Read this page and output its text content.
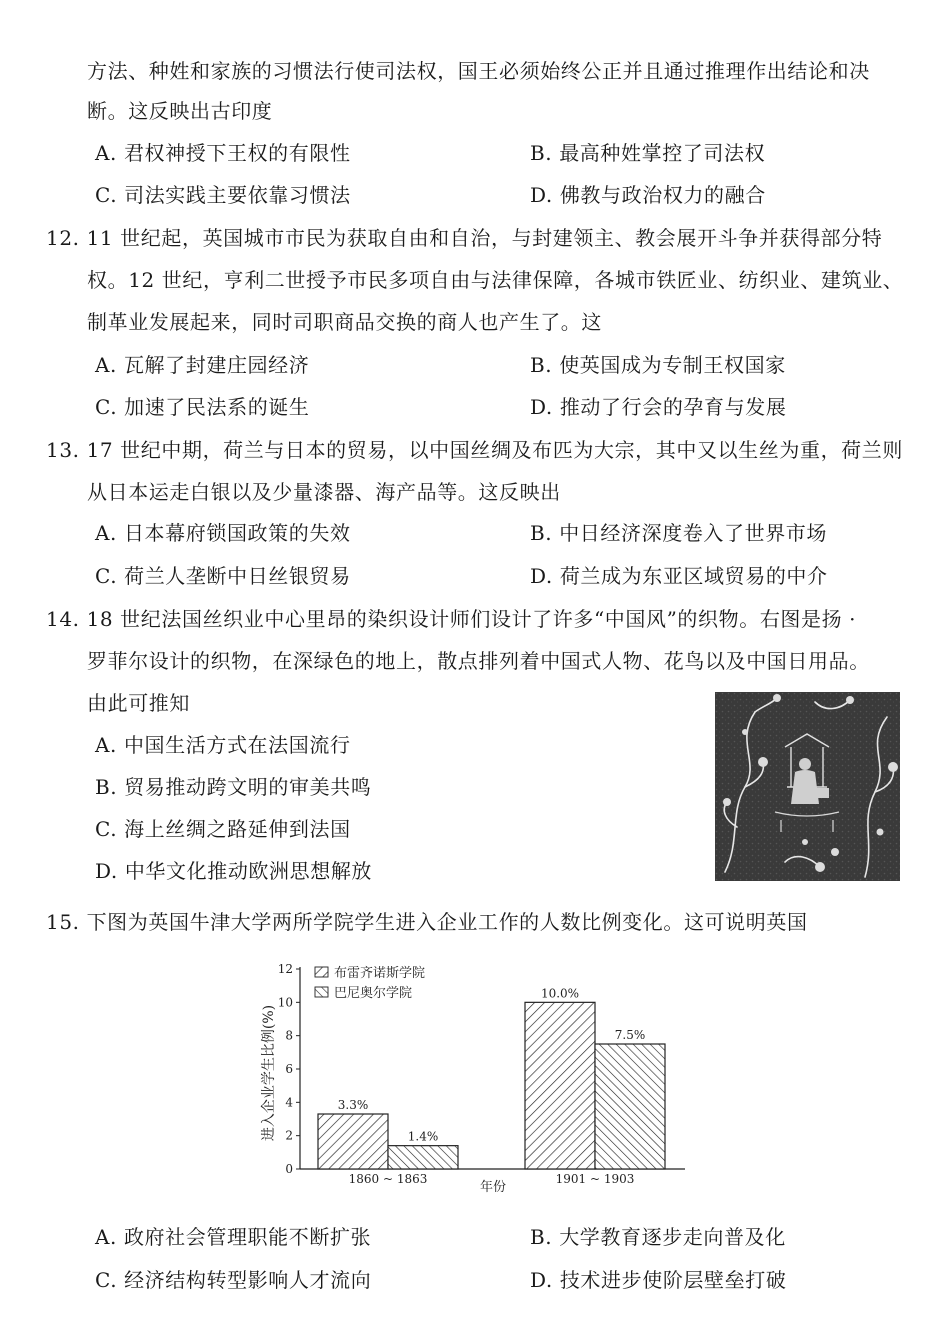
方法、种姓和家族的习惯法行使司法权，国王必须始终公正并且通过推理作出结论和决
断。这反映出古印度
A. 君权神授下王权的有限性	B. 最高种姓掌控了司法权
C. 司法实践主要依靠习惯法	D. 佛教与政治权力的融合
12. 11 世纪起，英国城市市民为获取自由和自治，与封建领主、教会展开斗争并获得部分特
权。12 世纪，亨利二世授予市民多项自由与法律保障，各城市铁匠业、纺织业、建筑业、
制革业发展起来，同时司职商品交换的商人也产生了。这
A. 瓦解了封建庄园经济	B. 使英国成为专制王权国家
C. 加速了民法系的诞生	D. 推动了行会的孕育与发展
13. 17 世纪中期，荷兰与日本的贸易，以中国丝绸及布匹为大宗，其中又以生丝为重，荷兰则
从日本运走白银以及少量漆器、海产品等。这反映出
A. 日本幕府锁国政策的失效	B. 中日经济深度卷入了世界市场
C. 荷兰人垄断中日丝银贸易	D. 荷兰成为东亚区域贸易的中介
14. 18 世纪法国丝织业中心里昂的染织设计师们设计了许多“中国风”的织物。右图是扬 ·
罗菲尔设计的织物，在深绿色的地上，散点排列着中国式人物、花鸟以及中国日用品。
由此可推知
A. 中国生活方式在法国流行
B. 贸易推动跨文明的审美共鸣
C. 海上丝绸之路延伸到法国
D. 中华文化推动欧洲思想解放
15. 下图为英国牛津大学两所学院学生进入企业工作的人数比例变化。这可说明英国
进入企业学生比例(%)
0
2
4
6
8
10
12
3.3%
1.4%
10.0%
7.5%
1860 ~ 1863	1901 ~ 1903
布雷齐诺斯学院
巴尼奥尔学院
年份
A. 政府社会管理职能不断扩张	B. 大学教育逐步走向普及化
C. 经济结构转型影响人才流向	D. 技术进步使阶层壁垒打破
